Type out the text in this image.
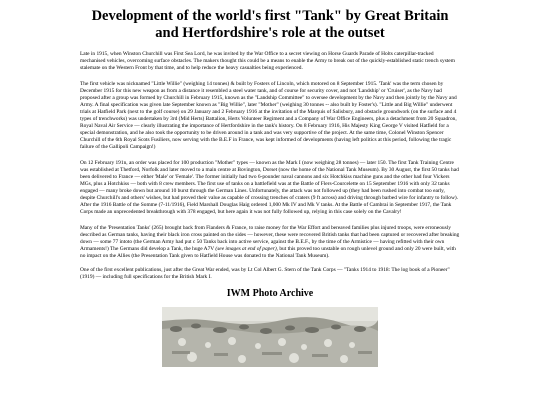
Development of the world's first "Tank" by Great Britain and Hertfordshire's role at the outset

Late in 1915, when Winston Churchill was First Sea Lord, he was invited by the War Office to a secret viewing on Horse Guards Parade of Holts caterpillar-tracked mechanised vehicles, overcoming surface obstacles. The makers thought this could be a means to enable the Army to break out of the quickly-established static trench system stalemate on the Western Front by that time, and to help reduce the heavy casualties being experienced.

The first vehicle was nicknamed "Little Willie" (weighing 14 tonnes) & built by Fosters of Lincoln, which motored on 8 September 1915. 'Tank' was the term chosen by December 1915 for this new weapon as from a distance it resembled a steel water tank, and of course for security cover, and not 'Landship' or 'Cruiser', as the Navy had proposed after a group was formed by Churchill in February 1915, known as the "Landship Committee" to oversee development by the Navy and then jointly by the Navy and Army. A final specification was given late September known as "Big Willie", later "Mother" (weighing 30 tonnes -- also built by Foster's). "Little and Big Willie" underwent trials at Hatfield Park (next to the golf course) on 29 January and 2 February 1916 at the invitation of the Marquis of Salisbury, and obstacle groundwork (on the surface and 4 types of trenchworks) was undertaken by 3rd (Mid Herts) Battalion, Herts Volunteer Regiment and a Company of War Office Engineers, plus a detachment from 20 Squadron, Royal Naval Air Service — clearly illustrating the importance of Hertfordshire in the tank's history. On 8 February 1916, His Majesty King George V visited Hatfield for a special demonstration, and he also took the opportunity to be driven around in a tank and was very supportive of the project. At the same time, Colonel Winston Spencer Churchill of the 6th Royal Scots Fusiliers, now serving with the B.E.F in France, was kept informed of developments (having left politics at this period, following the tragic failure of the Gallipoli Campaign!)

On 12 February 191n, an order was placed for 100 production "Mother" types — known as the Mark I (now weighing 28 tonnes) — later 150. The first Tank Training Centre was established at Thetford, Norfolk and later moved to a main centre at Bovington, Dorset (now the home of the National Tank Museum). By 30 August, the first 50 tanks had been delivered to France — either 'Male' or 'Female'. The former initially had two 6-pounder naval cannons and six Hotchkiss machine guns and the other had four Vickers MGs, plus a Hotchkiss — both with 8 crew members. The first use of tanks on a battlefield was at the Battle of Flers-Courcelette on 15 September 1916 with only 32 tanks engaged — many broke down but around 10 burst through the German Lines. Unfortunately, the attack was not followed up (they had been rushed into combat too early, despite Churchill's and others' wishes, but had proved their value as capable of crossing trenches of craters (9 ft across) and driving through barbed wire for infantry to follow). After the 1916 Battle of the Somme (7-11/1916), Field Marshall Douglas Haig ordered 1,000 Mk IV and Mk V tanks. At the Battle of Cambrai in September 1917, the Tank Corps made an unprecedented breakthrough with 378 engaged, but here again it was not fully followed up, relying in this case solely on the Cavalry!

Many of the 'Presentation Tanks' (265) brought back from Flanders & France, to raise money for the War Effort and bereaved families plus injured troops, were erroneously described as German tanks, having their black iron cross painted on the sides — however, these were recovered British tanks that had been captured or recovered after breaking down — some 77 intoto (the German Army had put c 50 Tanks back into active service, against the B.E.F., by the time of the Armistice — having refitted with their own Armaments!) The Germans did develop a Tank, the huge A7V (see images at end of paper), but this proved too unstable on rough unlevel ground and only 20 were built, with no impact on the Allies (the Presentation Tank given to Hatfield House was donated to the National Tank Museum).

One of the first excellent publications, just after the Great War ended, was by Lt Col Albert G. Stern of the Tank Corps — "Tanks 1914 to 1918: The log book of a Pioneer" (1919) — including full specifications for the British Mark I.

IWM Photo Archive
